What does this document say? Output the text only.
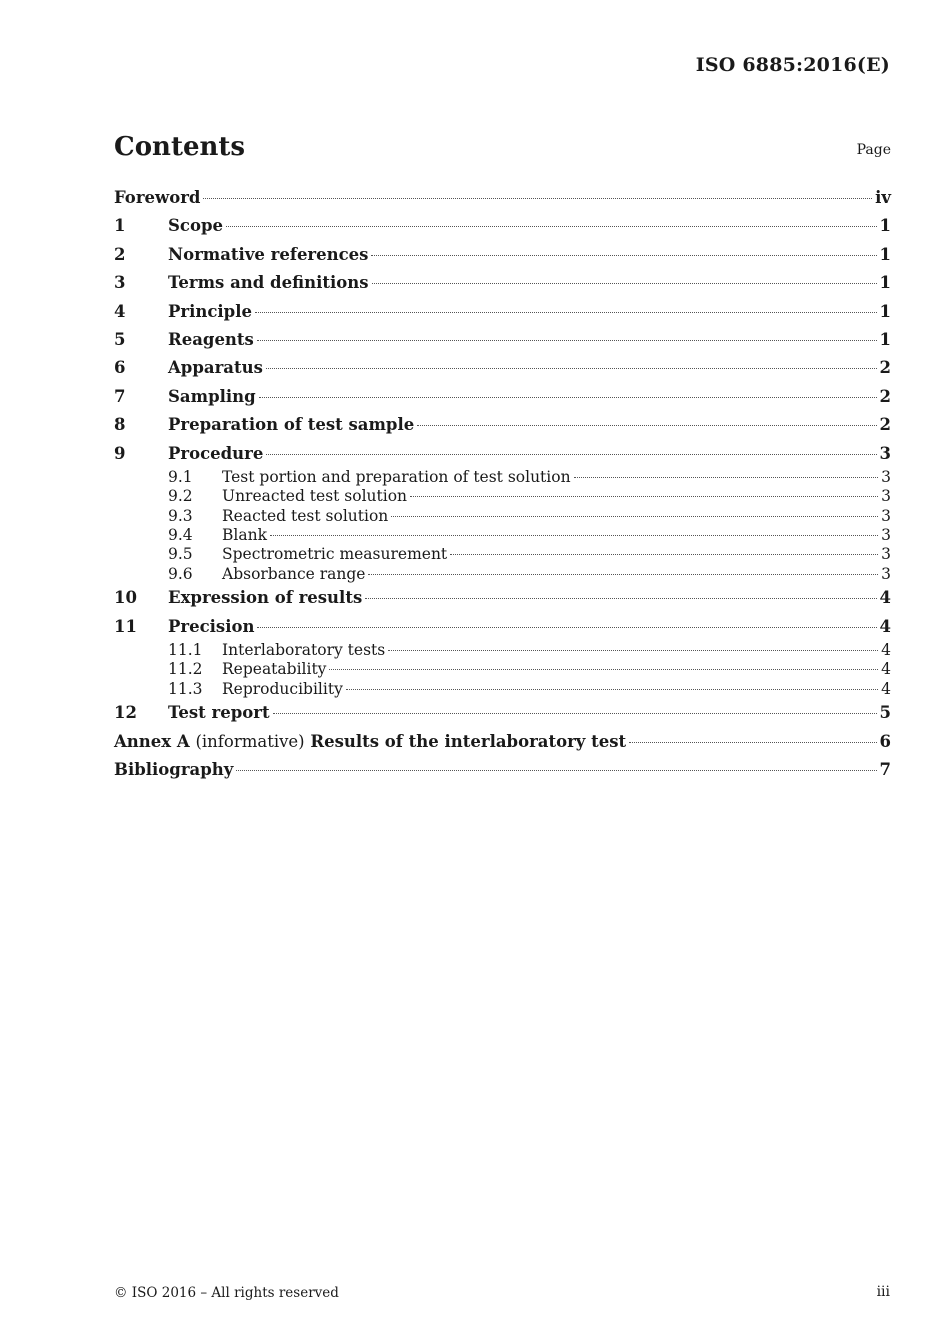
ISO 6885:2016(E)
Contents	Page
Foreword	iv
1	Scope	1
2	Normative references	1
3	Terms and definitions	1
4	Principle	1
5	Reagents	1
6	Apparatus	2
7	Sampling	2
8	Preparation of test sample	2
9	Procedure	3
9.1	Test portion and preparation of test solution	3
9.2	Unreacted test solution	3
9.3	Reacted test solution	3
9.4	Blank	3
9.5	Spectrometric measurement	3
9.6	Absorbance range	3
10	Expression of results	4
11	Precision	4
11.1	Interlaboratory tests	4
11.2	Repeatability	4
11.3	Reproducibility	4
12	Test report	5
Annex A (informative) Results of the interlaboratory test	6
Bibliography	7
© ISO 2016 – All rights reserved	iii
